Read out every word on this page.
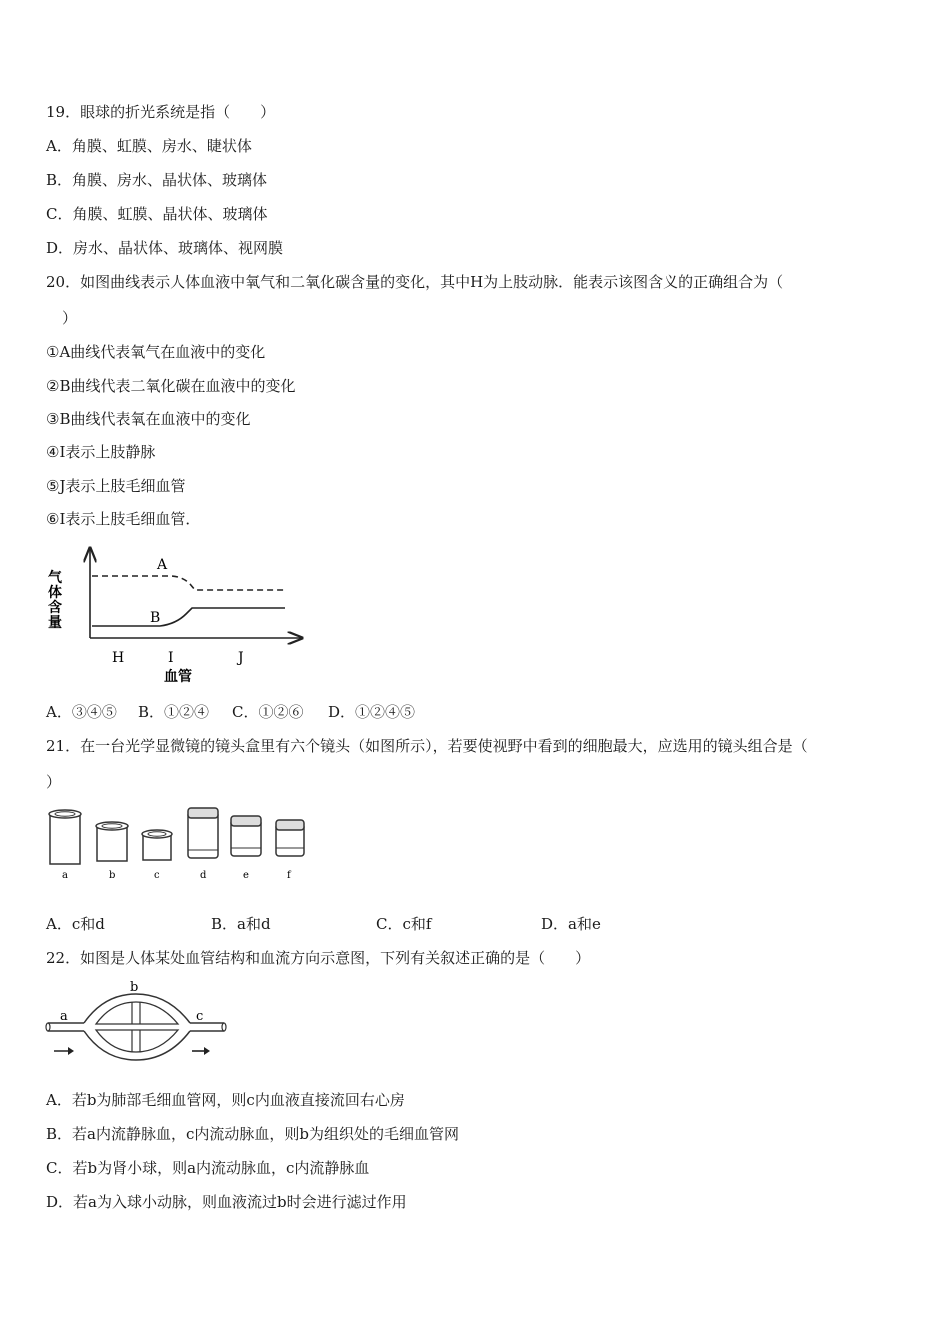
19．眼球的折光系统是指（　　）
A．角膜、虹膜、房水、睫状体
B．角膜、房水、晶状体、玻璃体
C．角膜、虹膜、晶状体、玻璃体
D．房水、晶状体、玻璃体、视网膜
20．如图曲线表示人体血液中氧气和二氧化碳含量的变化，其中H为上肢动脉．能表示该图含义的正确组合为（
）
①A曲线代表氧气在血液中的变化
②B曲线代表二氧化碳在血液中的变化
③B曲线代表氧在血液中的变化
④I表示上肢静脉
⑤J表示上肢毛细血管
⑥I表示上肢毛细血管．
气
体
含
量
A
B
H	I	J
血管
A．③④⑤	B．①②④	C．①②⑥	D．①②④⑤
21．在一台光学显微镜的镜头盒里有六个镜头（如图所示），若要使视野中看到的细胞最大，应选用的镜头组合是（
）
a	b	c	d	e	f
A．c和d	B．a和d	C．c和f	D．a和e
22．如图是人体某处血管结构和血流方向示意图，下列有关叙述正确的是（　　）
a
b
c
A．若b为肺部毛细血管网，则c内血液直接流回右心房
B．若a内流静脉血，c内流动脉血，则b为组织处的毛细血管网
C．若b为肾小球，则a内流动脉血，c内流静脉血
D．若a为入球小动脉，则血液流过b时会进行滤过作用
